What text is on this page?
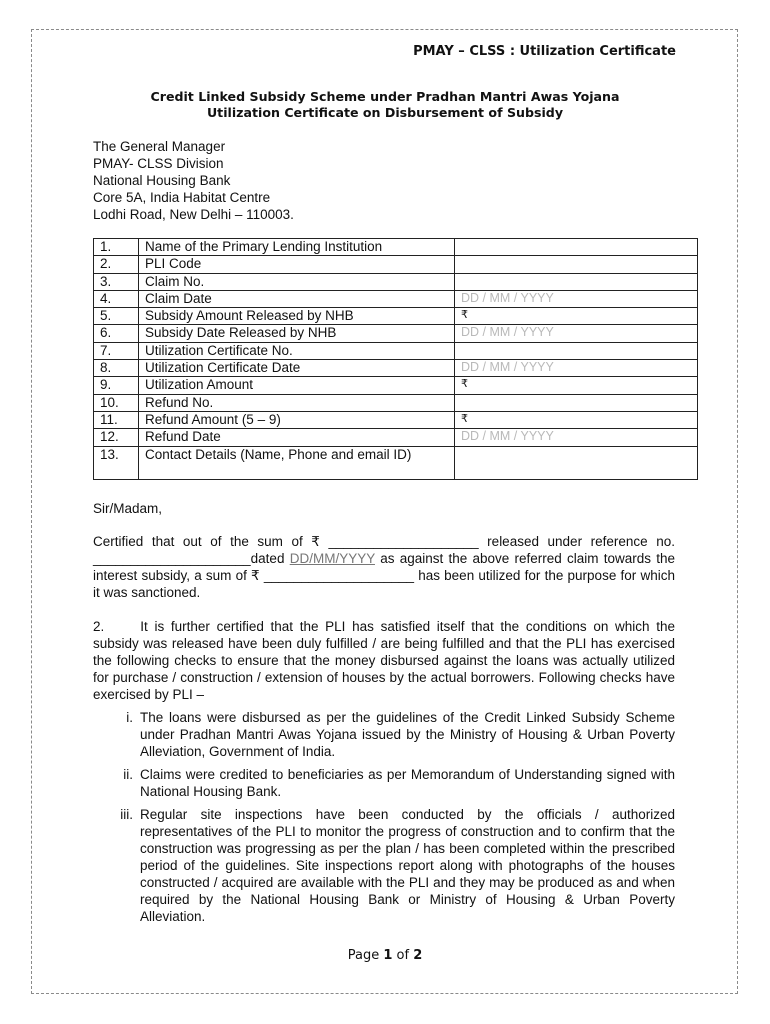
PMAY – CLSS : Utilization Certificate
Credit Linked Subsidy Scheme under Pradhan Mantri Awas Yojana
Utilization Certificate on Disbursement of Subsidy
The General Manager
PMAY- CLSS Division
National Housing Bank
Core 5A, India Habitat Centre
Lodhi Road, New Delhi – 110003.
1.	Name of the Primary Lending Institution	
2.	PLI Code	
3.	Claim No.	
4.	Claim Date	DD / MM / YYYY
5.	Subsidy Amount Released by NHB	₹
6.	Subsidy Date Released by NHB	DD / MM / YYYY
7.	Utilization Certificate No.	
8.	Utilization Certificate Date	DD / MM / YYYY
9.	Utilization Amount	₹
10.	Refund No.	
11.	Refund Amount (5 – 9)	₹
12.	Refund Date	DD / MM / YYYY
13.	Contact Details (Name, Phone and email ID)	
Sir/Madam,
Certified that out of the sum of ₹ ____________________ released under reference no. _____________________dated DD/MM/YYYY as against the above referred claim towards the interest subsidy, a sum of ₹ ____________________ has been utilized for the purpose for which it was sanctioned.
2.	It is further certified that the PLI has satisfied itself that the conditions on which the subsidy was released have been duly fulfilled / are being fulfilled and that the PLI has exercised the following checks to ensure that the money disbursed against the loans was actually utilized for purchase / construction / extension of houses by the actual borrowers. Following checks have exercised by PLI –
i. The loans were disbursed as per the guidelines of the Credit Linked Subsidy Scheme under Pradhan Mantri Awas Yojana issued by the Ministry of Housing & Urban Poverty Alleviation, Government of India.
ii. Claims were credited to beneficiaries as per Memorandum of Understanding signed with National Housing Bank.
iii. Regular site inspections have been conducted by the officials / authorized representatives of the PLI to monitor the progress of construction and to confirm that the construction was progressing as per the plan / has been completed within the prescribed period of the guidelines. Site inspections report along with photographs of the houses constructed / acquired are available with the PLI and they may be produced as and when required by the National Housing Bank or Ministry of Housing & Urban Poverty Alleviation.
Page 1 of 2
